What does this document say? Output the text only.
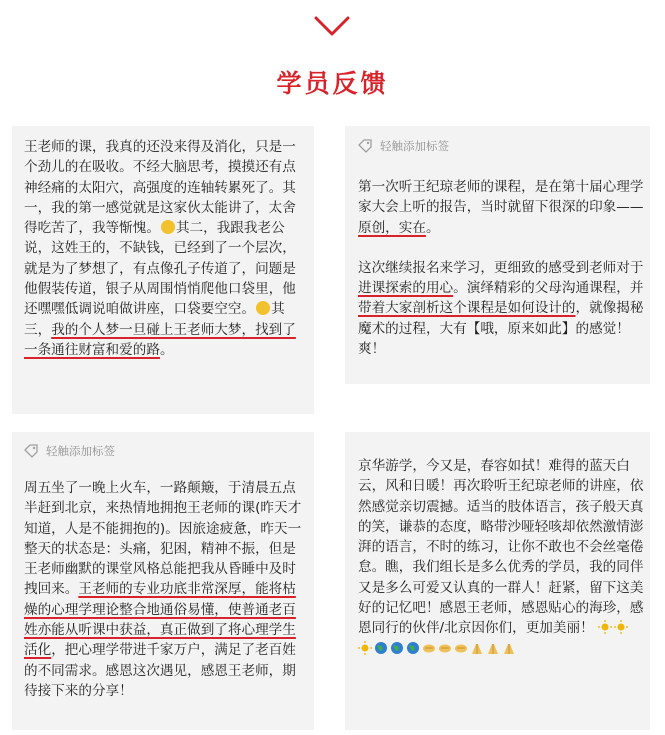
学员反馈
王老师的课，我真的还没来得及消化，只是一个劲儿的在吸收。不经大脑思考，摸摸还有点神经痛的太阳穴，高强度的连轴转累死了。其一，我的第一感觉就是这家伙太能讲了，太舍得吃苦了，我等惭愧。 其二，我跟我老公说，这姓王的，不缺钱，已经到了一个层次，就是为了梦想了，有点像孔子传道了，问题是他假装传道，银子从周围悄悄爬他口袋里，他还嘿嘿低调说咱做讲座，口袋要空空。 其三，我的个人梦一旦碰上王老师大梦，找到了一条通往财富和爱的路。
轻触添加标签

第一次听王纪琼老师的课程，是在第十届心理学家大会上听的报告，当时就留下很深的印象——原创，实在。

这次继续报名来学习，更细致的感受到老师对于进课探索的用心。演绎精彩的父母沟通课程，并带着大家剖析这个课程是如何设计的，就像揭秘魔术的过程，大有【哦，原来如此】的感觉！爽！

轻触添加标签
周五坐了一晚上火车，一路颠簸，于清晨五点半赶到北京，来热情地拥抱王老师的课(昨天才知道，人是不能拥抱的)。因旅途疲惫，昨天一整天的状态是：头痛，犯困，精神不振，但是王老师幽默的课堂风格总能把我从昏睡中及时拽回来。王老师的专业功底非常深厚，能将枯燥的心理学理论整合地通俗易懂，使普通老百姓亦能从听课中获益，真正做到了将心理学生活化，把心理学带进千家万户，满足了老百姓的不同需求。感恩这次遇见，感恩王老师，期待接下来的分享！
京华游学，今又是，春容如拭！难得的蓝天白云，风和日暖！再次聆听王纪琼老师的讲座，依然感觉亲切震撼。适当的肢体语言，孩子般天真的笑，谦恭的态度，略带沙哑轻咳却依然激情澎湃的语言，不时的练习，让你不敢也不会丝毫倦怠。瞧，我们组长是多么优秀的学员，我的同伴又是多么可爱又认真的一群人！赶紧，留下这美好的记忆吧！感恩王老师，感恩贴心的海珍，感恩同行的伙伴/北京因你们，更加美丽！
